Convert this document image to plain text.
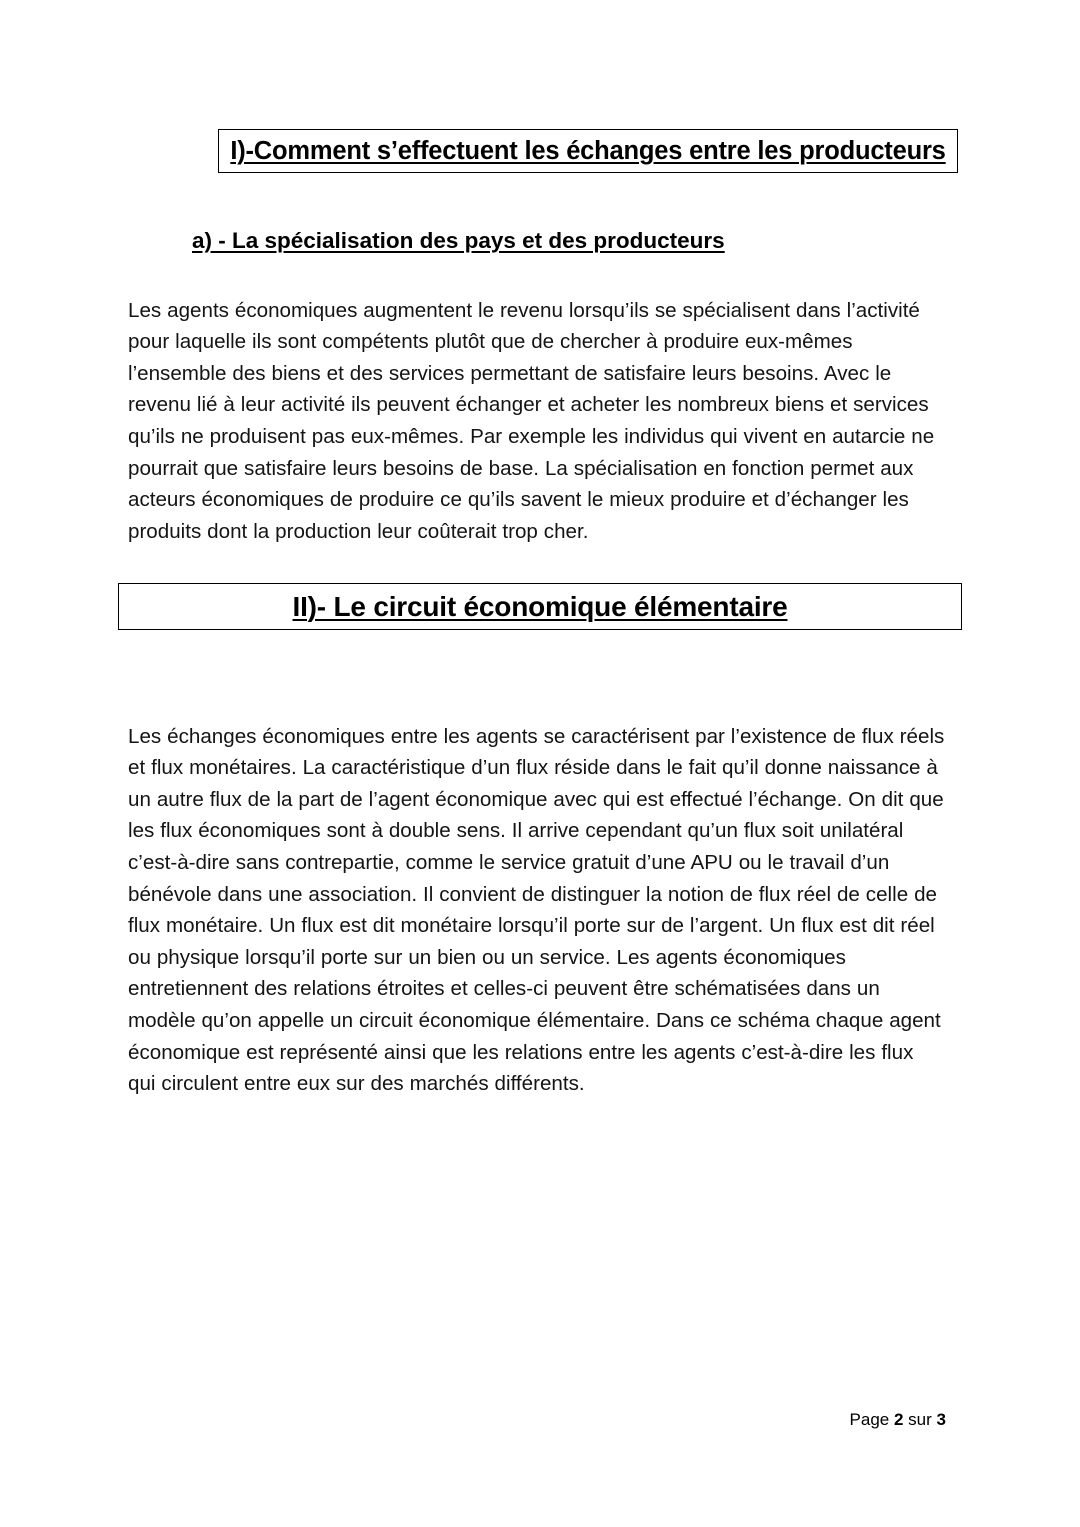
I)-Comment s’effectuent les échanges entre les producteurs
a) - La spécialisation des pays et des producteurs

Les agents économiques augmentent le revenu lorsqu’ils se spécialisent dans l’activité pour laquelle ils sont compétents plutôt que de chercher à produire eux-mêmes l’ensemble des biens et des services permettant de satisfaire leurs besoins. Avec le revenu lié à leur activité ils peuvent échanger et acheter les nombreux biens et services qu’ils ne produisent pas eux-mêmes. Par exemple les individus qui vivent en autarcie ne pourrait que satisfaire leurs besoins de base. La spécialisation en fonction permet aux acteurs économiques de produire ce qu’ils savent le mieux produire et d’échanger les produits dont la production leur coûterait trop cher.

II)- Le circuit économique élémentaire

Les échanges économiques entre les agents se caractérisent par l’existence de flux réels et flux monétaires. La caractéristique d’un flux réside dans le fait qu’il donne naissance à un autre flux de la part de l’agent économique avec qui est effectué l’échange. On dit que les flux économiques sont à double sens. Il arrive cependant qu’un flux soit unilatéral c’est-à-dire sans contrepartie, comme le service gratuit d’une APU ou le travail d’un bénévole dans une association. Il convient de distinguer la notion de flux réel de celle de flux monétaire. Un flux est dit monétaire lorsqu’il porte sur de l’argent. Un flux est dit réel ou physique lorsqu’il porte sur un bien ou un service. Les agents économiques entretiennent des relations étroites et celles-ci peuvent être schématisées dans un modèle qu’on appelle un circuit économique élémentaire. Dans ce schéma chaque agent économique est représenté ainsi que les relations entre les agents c’est-à-dire les flux qui circulent entre eux sur des marchés différents.

Page 2 sur 3
